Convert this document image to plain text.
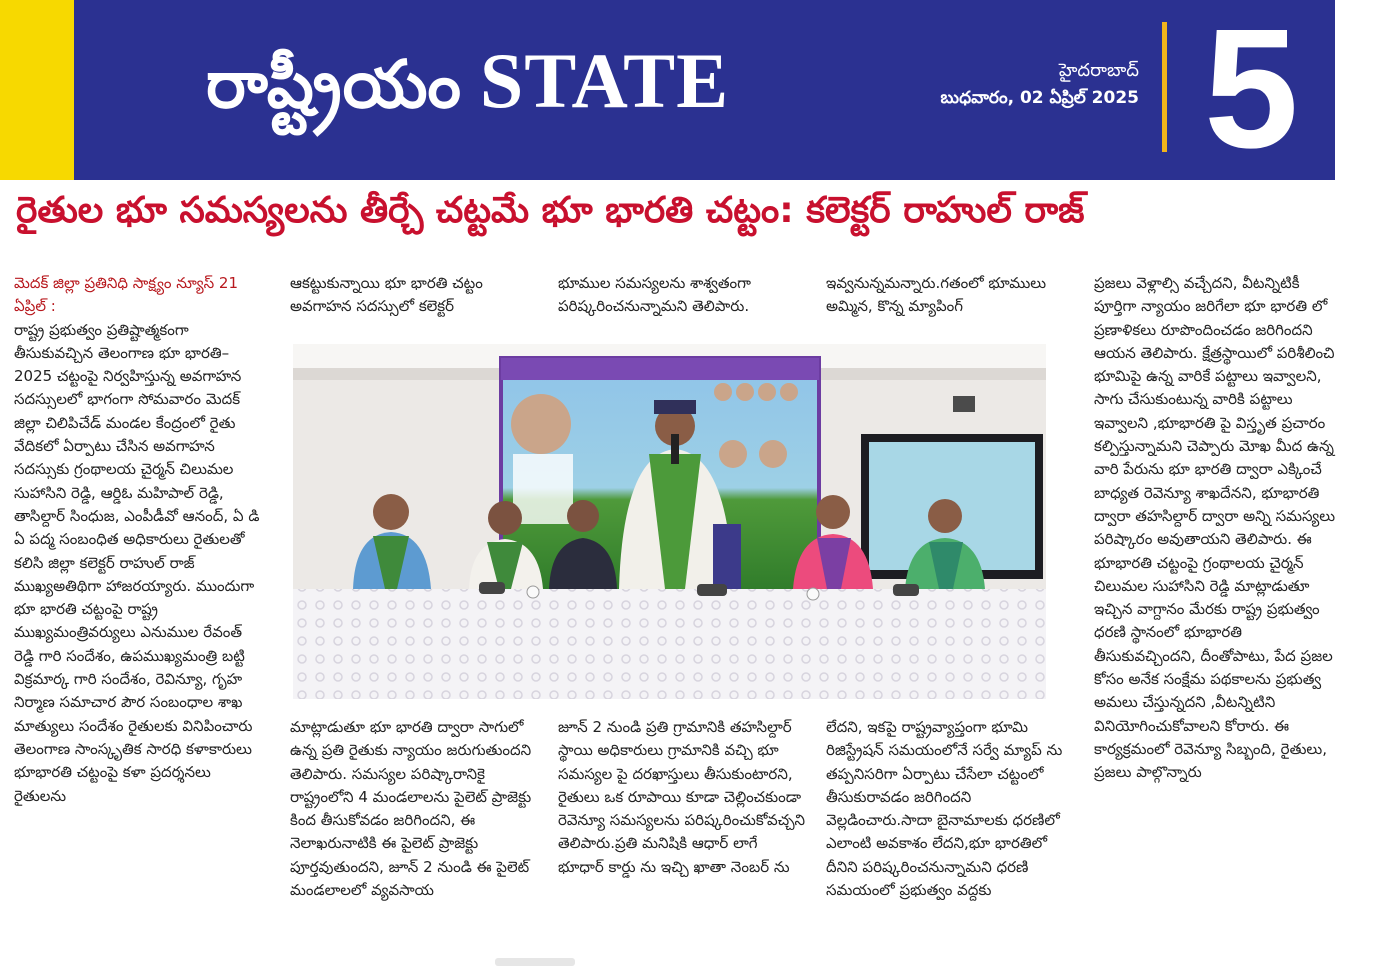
రాష్ట్రీయం STATE	హైదరాబాద్
బుధవారం, 02 ఏప్రిల్ 2025 5
రైతుల భూ సమస్యలను తీర్చే చట్టమే భూ భారతి చట్టం: కలెక్టర్ రాహుల్ రాజ్

మెదక్ జిల్లా ప్రతినిధి సాక్ష్యం న్యూస్ 21 ఏప్రిల్ :

రాష్ట్ర ప్రభుత్వం ప్రతిష్టాత్మకంగా తీసుకువచ్చిన తెలంగాణ భూ భారతి– 2025 చట్టంపై నిర్వహిస్తున్న అవగాహన సదస్సులలో భాగంగా సోమవారం మెదక్ జిల్లా చిలిపిచేడ్ మండల కేంద్రంలో రైతు వేదికలో ఏర్పాటు చేసిన అవగాహన సదస్సుకు గ్రంథాలయ చైర్మన్ చిలుమల సుహాసిని రెడ్డి, ఆర్డిఓ మహిపాల్ రెడ్డి, తాసిల్దార్ సింధుజ, ఎంపీడీవో ఆనంద్, ఏ డి ఏ పద్మ సంబంధిత అధికారులు రైతులతో కలిసి జిల్లా కలెక్టర్ రాహుల్ రాజ్ ముఖ్యఅతిథిగా హాజరయ్యారు. ముందుగా భూ భారతి చట్టంపై రాష్ట్ర ముఖ్యమంత్రివర్యులు ఎనుముల రేవంత్ రెడ్డి గారి సందేశం, ఉపముఖ్యమంత్రి బట్టి విక్రమార్క గారి సందేశం, రెవిన్యూ, గృహ నిర్మాణ సమాచార పౌర సంబంధాల శాఖ మాత్యులు సందేశం రైతులకు వినిపించారు తెలంగాణ సాంస్కృతిక సారధి కళాకారులు భూభారతి చట్టంపై కళా ప్రదర్శనలు రైతులను

ఆకట్టుకున్నాయి భూ భారతి చట్టం అవగాహన సదస్సులో కలెక్టర్

భూముల సమస్యలను శాశ్వతంగా పరిష్కరించనున్నామని తెలిపారు.

ఇవ్వనున్నమన్నారు.గతంలో భూములు అమ్మిన, కొన్న మ్యాపింగ్

మాట్లాడుతూ భూ భారతి ద్వారా సాగులో ఉన్న ప్రతి రైతుకు న్యాయం జరుగుతుందని తెలిపారు. సమస్యల పరిష్కారానికై రాష్ట్రంలోని 4 మండలాలను పైలెట్ ప్రాజెక్టు కింద తీసుకోవడం జరిగిందని, ఈ నెలాఖరునాటికి ఈ పైలెట్ ప్రాజెక్టు పూర్తవుతుందని, జూన్ 2 నుండి ఈ పైలెట్ మండలాలలో వ్యవసాయ

జూన్ 2 నుండి ప్రతి గ్రామానికి తహసిల్దార్ స్థాయి అధికారులు గ్రామానికి వచ్చి భూ సమస్యల పై దరఖాస్తులు తీసుకుంటారని, రైతులు ఒక రూపాయి కూడా చెల్లించకుండా రెవెన్యూ సమస్యలను పరిష్కరించుకోవచ్చని తెలిపారు.ప్రతి మనిషికి ఆధార్ లాగే భూధార్ కార్డు ను ఇచ్చి ఖాతా నెంబర్ ను

లేదని, ఇకపై రాష్ట్రవ్యాప్తంగా భూమి రిజిస్ట్రేషన్ సమయంలోనే సర్వే మ్యాప్ ను తప్పనిసరిగా ఏర్పాటు చేసేలా చట్టంలో తీసుకురావడం జరిగిందని వెల్లడించారు.సాదా బైనామాలకు ధరణిలో ఎలాంటి అవకాశం లేదని,భూ భారతిలో దీనిని పరిష్కరించనున్నామని ధరణి సమయంలో ప్రభుత్వం వద్దకు

ప్రజలు వెళ్లాల్సి వచ్చేదని, వీటన్నిటికీ పూర్తిగా న్యాయం జరిగేలా భూ భారతి లో ప్రణాళికలు రూపొందించడం జరిగిందని ఆయన తెలిపారు. క్షేత్రస్థాయిలో పరిశీలించి భూమిపై ఉన్న వారికే పట్టాలు ఇవ్వాలని, సాగు చేసుకుంటున్న వారికి పట్టాలు ఇవ్వాలని ,భూభారతి పై విస్తృత ప్రచారం కల్పిస్తున్నామని చెప్పారు మోఖ మీద ఉన్న వారి పేరును భూ భారతి ద్వారా ఎక్కించే బాధ్యత రెవెన్యూ శాఖదేనని, భూభారతి ద్వారా తహసిల్దార్ ద్వారా అన్ని సమస్యలు పరిష్కారం అవుతాయని తెలిపారు. ఈ భూభారతి చట్టంపై గ్రంథాలయ చైర్మన్ చిలుమల సుహాసిని రెడ్డి మాట్లాడుతూ ఇచ్చిన వాగ్దానం మేరకు రాష్ట్ర ప్రభుత్వం ధరణి స్థానంలో భూభారతి తీసుకువచ్చిందని, దీంతోపాటు, పేద ప్రజల కోసం అనేక సంక్షేమ పథకాలను ప్రభుత్వ అమలు చేస్తున్నదని ,వీటన్నిటిని వినియోగించుకోవాలని కోరారు. ఈ కార్యక్రమంలో రెవెన్యూ సిబ్బంది, రైతులు, ప్రజలు పాల్గొన్నారు
